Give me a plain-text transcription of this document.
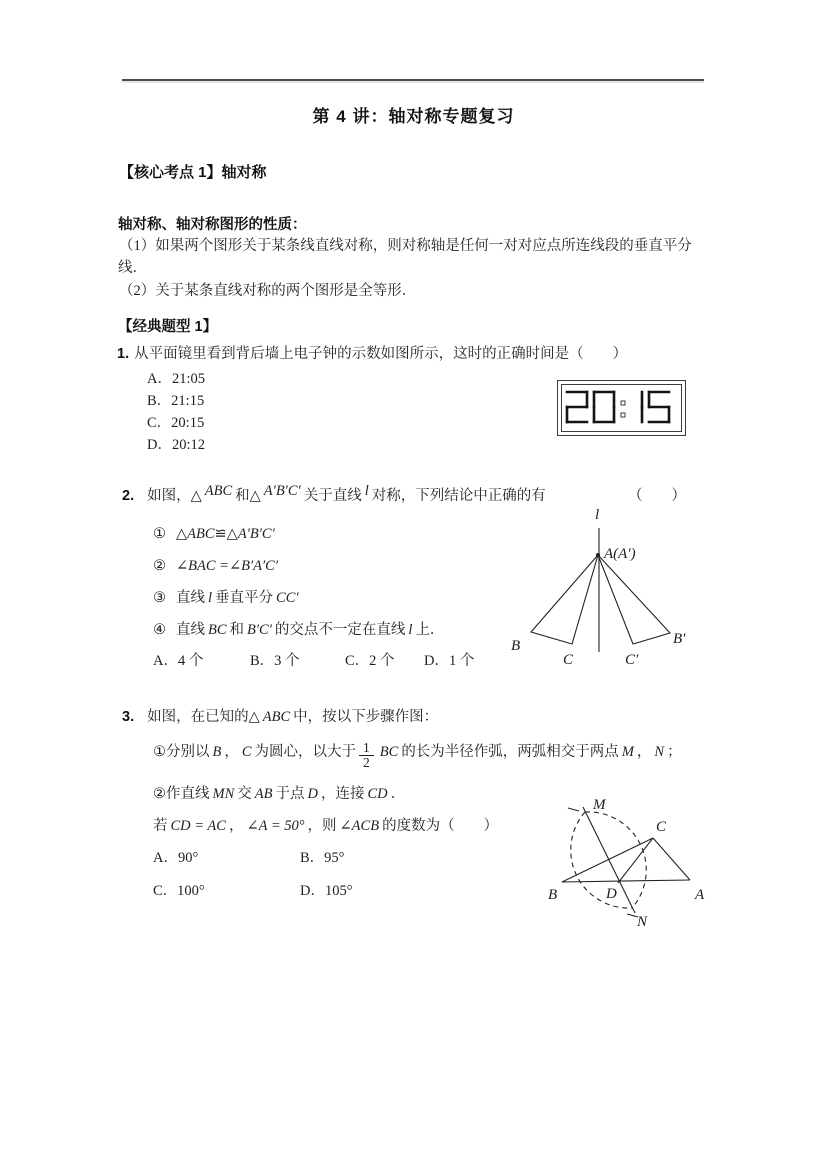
第 4 讲：轴对称专题复习
【核心考点 1】轴对称
轴对称、轴对称图形的性质：
（1）如果两个图形关于某条线直线对称，则对称轴是任何一对对应点所连线段的垂直平分
线．
（2）关于某条直线对称的两个图形是全等形．
【经典题型 1】
1. 从平面镜里看到背后墙上电子钟的示数如图所示，这时的正确时间是（　　）
A．21:05
B．21:15
C．20:15
D．20:12
2. 如图，△ ABC 和△ A′B′C′ 关于直线 l 对称，下列结论中正确的有	（　　）
① △ABC≌△A′B′C′
② ∠BAC =∠B′A′C′
③ 直线 l 垂直平分 CC′
④ 直线 BC 和 B′C′ 的交点不一定在直线 l 上．
A．4 个	B．3 个	C．2 个 D．1 个
l
A(A′)
B
C	C′
B′
3. 如图，在已知的△ ABC 中，按以下步骤作图：
①分别以 B ， C 为圆心，以大于 $\frac{1}{2}$ BC 的长为半径作弧，两弧相交于两点 M ， N ；
②作直线 MN 交 AB 于点 D ，连接 CD ．
若 CD = AC ， ∠A = 50° ，则 ∠ACB 的度数为（　　）
A．90°	B．95°
C．100°	D．105°
M
C
B	A
D
N
